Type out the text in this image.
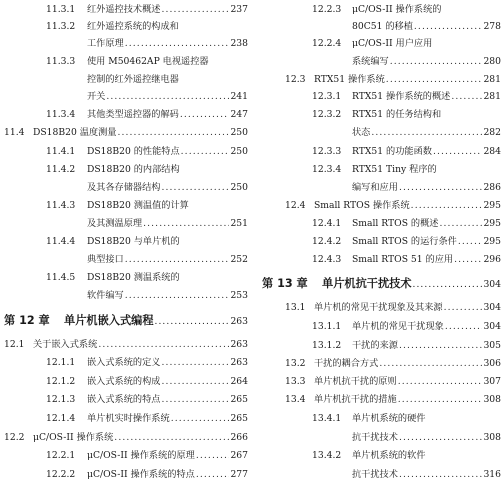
11.3.1 红外遥控技术概述 .....	237
11.3.2 红外遥控系统的构成和
工作原理 .....	238
11.3.3 使用 M50462AP 电视遥控器
控制的红外遥控继电器
开关 .....	241
11.3.4 其他类型遥控器的解码 .....	247
11.4 DS18B20 温度测量 .....	250
11.4.1 DS18B20 的性能特点 .....	250
11.4.2 DS18B20 的内部结构
及其各存储器结构 .....	250
11.4.3 DS18B20 测温值的计算
及其测温原理 .....	251
11.4.4 DS18B20 与单片机的
典型接口 .....	252
11.4.5 DS18B20 测温系统的
软件编写 .....	253
第 12 章 单片机嵌入式编程 .....	263
12.1 关于嵌入式系统 .....	263
12.1.1 嵌入式系统的定义 .....	263
12.1.2 嵌入式系统的构成 .....	264
12.1.3 嵌入式系统的特点 .....	265
12.1.4 单片机实时操作系统 .....	265
12.2 μC/OS-II 操作系统 .....	266
12.2.1 μC/OS-II 操作系统的原理 .....	267
12.2.2 μC/OS-II 操作系统的特点 .....	277
12.2.3 μC/OS-II 操作系统的
80C51 的移植 .....	278
12.2.4 μC/OS-II 用户应用
系统编写 .....	280
12.3 RTX51 操作系统 .....	281
12.3.1 RTX51 操作系统的概述 .....	281
12.3.2 RTX51 的任务结构和
状态 .....	282
12.3.3 RTX51 的功能函数 .....	284
12.3.4 RTX51 Tiny 程序的
编写和应用 .....	286
12.4 Small RTOS 操作系统 .....	295
12.4.1 Small RTOS 的概述 .....	295
12.4.2 Small RTOS 的运行条件 .....	295
12.4.3 Small RTOS 51 的应用 .....	296
第 13 章 单片机抗干扰技术 .....	304
13.1 单片机的常见干扰现象及其来源 .....	304
13.1.1 单片机的常见干扰现象 .....	304
13.1.2 干扰的来源 .....	305
13.2 干扰的耦合方式 .....	306
13.3 单片机抗干扰的原则 .....	307
13.4 单片机抗干扰的措施 .....	308
13.4.1 单片机系统的硬件
抗干扰技术 .....	308
13.4.2 单片机系统的软件
抗干扰技术 .....	316
